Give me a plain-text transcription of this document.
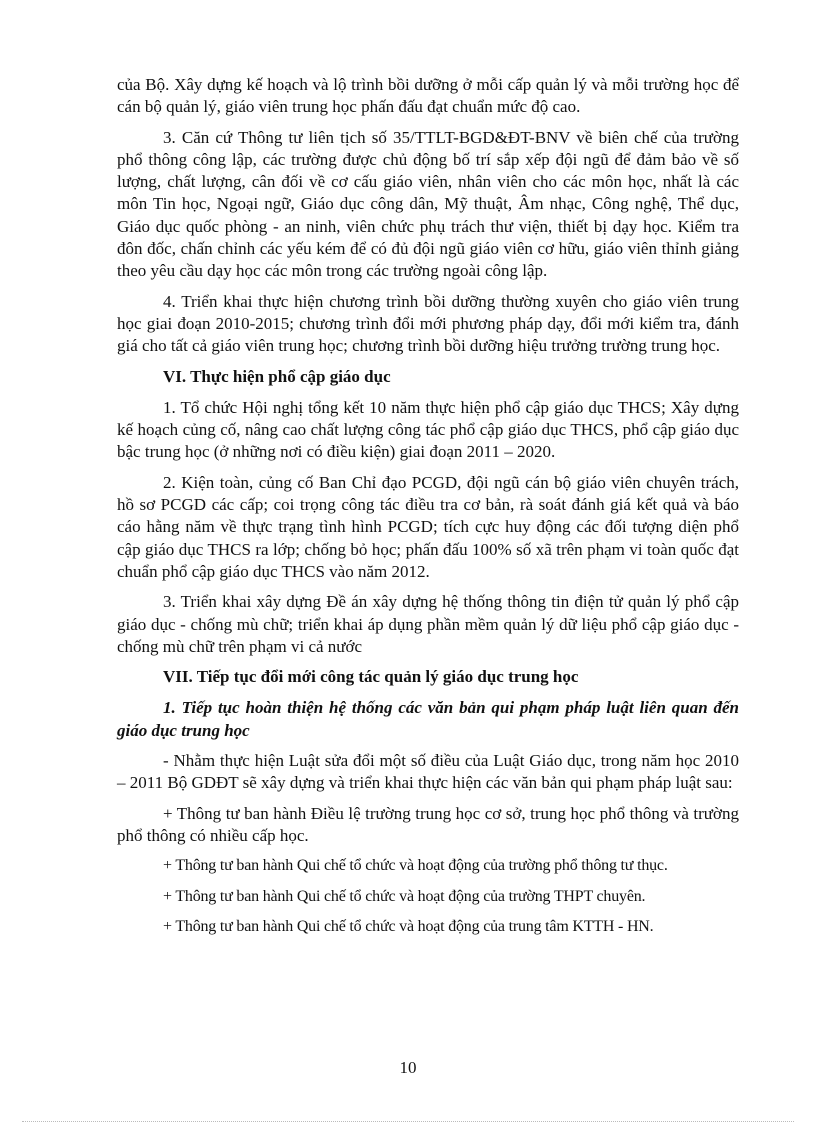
của Bộ. Xây dựng kế hoạch và lộ trình bồi dưỡng ở mỗi cấp quản lý và mỗi trường học để cán bộ quản lý, giáo viên trung học phấn đấu đạt chuẩn mức độ cao.

3. Căn cứ Thông tư liên tịch số 35/TTLT-BGD&ĐT-BNV về biên chế của trường phổ thông công lập, các trường được chủ động bố trí sắp xếp đội ngũ để đảm bảo về số lượng, chất lượng, cân đối về cơ cấu giáo viên, nhân viên cho các môn học, nhất là các môn Tin học, Ngoại ngữ, Giáo dục công dân, Mỹ thuật, Âm nhạc, Công nghệ, Thể dục, Giáo dục quốc phòng - an ninh, viên chức phụ trách thư viện, thiết bị dạy học. Kiểm tra đôn đốc, chấn chỉnh các yếu kém để có đủ đội ngũ giáo viên cơ hữu, giáo viên thỉnh giảng theo yêu cầu dạy học các môn trong các trường ngoài công lập.

4. Triển khai thực hiện chương trình bồi dưỡng thường xuyên cho giáo viên trung học giai đoạn 2010-2015; chương trình đổi mới phương pháp dạy, đổi mới kiểm tra, đánh giá cho tất cả giáo viên trung học; chương trình bồi dưỡng hiệu trưởng trường trung học.

VI. Thực hiện phổ cập giáo dục

1. Tổ chức Hội nghị tổng kết 10 năm thực hiện phổ cập giáo dục THCS; Xây dựng kế hoạch củng cố, nâng cao chất lượng công tác phổ cập giáo dục THCS, phổ cập giáo dục bậc trung học (ở những nơi có điều kiện) giai đoạn 2011 – 2020.

2. Kiện toàn, củng cố Ban Chỉ đạo PCGD, đội ngũ cán bộ giáo viên chuyên trách, hồ sơ PCGD các cấp; coi trọng công tác điều tra cơ bản, rà soát đánh giá kết quả và báo cáo hằng năm về thực trạng tình hình PCGD; tích cực huy động các đối tượng diện phổ cập giáo dục THCS ra lớp; chống bỏ học; phấn đấu 100% số xã trên phạm vi toàn quốc đạt chuẩn phổ cập giáo dục THCS vào năm 2012.

3. Triển khai xây dựng Đề án xây dựng hệ thống thông tin điện tử quản lý phổ cập giáo dục - chống mù chữ; triển khai áp dụng phần mềm quản lý dữ liệu phổ cập giáo dục - chống mù chữ trên phạm vi cả nước

VII. Tiếp tục đổi mới công tác quản lý giáo dục trung học

1. Tiếp tục hoàn thiện hệ thống các văn bản qui phạm pháp luật liên quan đến giáo dục trung học

- Nhằm thực hiện Luật sửa đổi một số điều của Luật Giáo dục, trong năm học 2010 – 2011 Bộ GDĐT sẽ xây dựng và triển khai thực hiện các văn bản qui phạm pháp luật sau:

+ Thông tư ban hành Điều lệ trường trung học cơ sở, trung học phổ thông và trường phổ thông có nhiều cấp học.

+ Thông tư ban hành Qui chế tổ chức và hoạt động của trường phổ thông tư thục.

+ Thông tư ban hành Qui chế tổ chức và hoạt động của trường THPT chuyên.

+ Thông tư ban hành Qui chế tổ chức và hoạt động của trung tâm KTTH - HN.

10
